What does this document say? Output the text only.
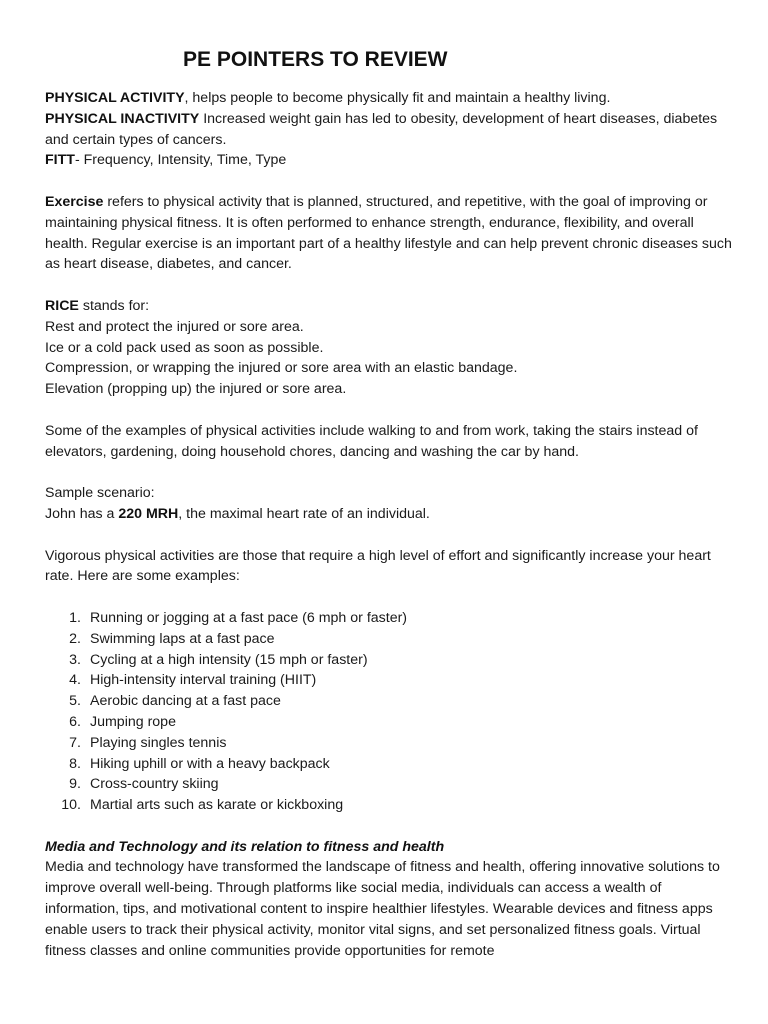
PE POINTERS TO REVIEW

PHYSICAL ACTIVITY, helps people to become physically fit and maintain a healthy living.

PHYSICAL INACTIVITY Increased weight gain has led to obesity, development of heart diseases, diabetes and certain types of cancers.

FITT- Frequency, Intensity, Time, Type

Exercise refers to physical activity that is planned, structured, and repetitive, with the goal of improving or maintaining physical fitness. It is often performed to enhance strength, endurance, flexibility, and overall health. Regular exercise is an important part of a healthy lifestyle and can help prevent chronic diseases such as heart disease, diabetes, and cancer.

RICE stands for:

Rest and protect the injured or sore area.

Ice or a cold pack used as soon as possible.

Compression, or wrapping the injured or sore area with an elastic bandage.

Elevation (propping up) the injured or sore area.

Some of the examples of physical activities include walking to and from work, taking the stairs instead of elevators, gardening, doing household chores, dancing and washing the car by hand.

Sample scenario:

John has a 220 MRH, the maximal heart rate of an individual.

Vigorous physical activities are those that require a high level of effort and significantly increase your heart rate. Here are some examples:

1. Running or jogging at a fast pace (6 mph or faster)
2. Swimming laps at a fast pace
3. Cycling at a high intensity (15 mph or faster)
4. High-intensity interval training (HIIT)
5. Aerobic dancing at a fast pace
6. Jumping rope
7. Playing singles tennis
8. Hiking uphill or with a heavy backpack
9. Cross-country skiing
10. Martial arts such as karate or kickboxing

Media and Technology and its relation to fitness and health

Media and technology have transformed the landscape of fitness and health, offering innovative solutions to improve overall well-being. Through platforms like social media, individuals can access a wealth of information, tips, and motivational content to inspire healthier lifestyles. Wearable devices and fitness apps enable users to track their physical activity, monitor vital signs, and set personalized fitness goals. Virtual fitness classes and online communities provide opportunities for remote
